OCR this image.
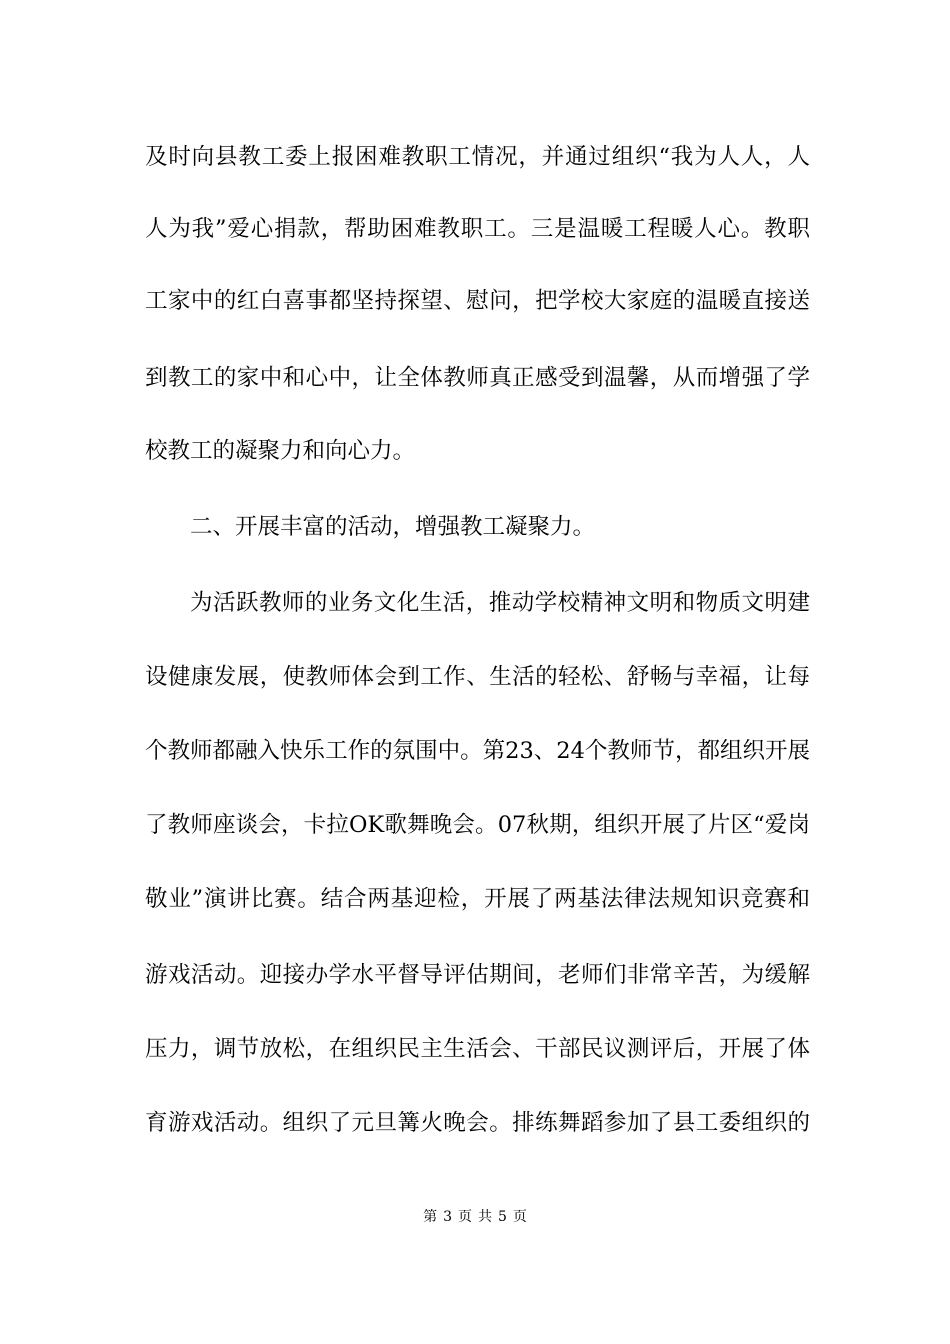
及时向县教工委上报困难教职工情况，并通过组织“我为人人，人
人为我”爱心捐款，帮助困难教职工。三是温暖工程暖人心。教职
工家中的红白喜事都坚持探望、慰问，把学校大家庭的温暖直接送
到教工的家中和心中，让全体教师真正感受到温馨，从而增强了学
校教工的凝聚力和向心力。
二、开展丰富的活动，增强教工凝聚力。
为活跃教师的业务文化生活，推动学校精神文明和物质文明建
设健康发展，使教师体会到工作、生活的轻松、舒畅与幸福，让每
个教师都融入快乐工作的氛围中。第23、24个教师节，都组织开展
了教师座谈会，卡拉OK歌舞晚会。07秋期，组织开展了片区“爱岗
敬业”演讲比赛。结合两基迎检，开展了两基法律法规知识竞赛和
游戏活动。迎接办学水平督导评估期间，老师们非常辛苦，为缓解
压力，调节放松，在组织民主生活会、干部民议测评后，开展了体
育游戏活动。组织了元旦篝火晚会。排练舞蹈参加了县工委组织的
第 3 页 共 5 页
